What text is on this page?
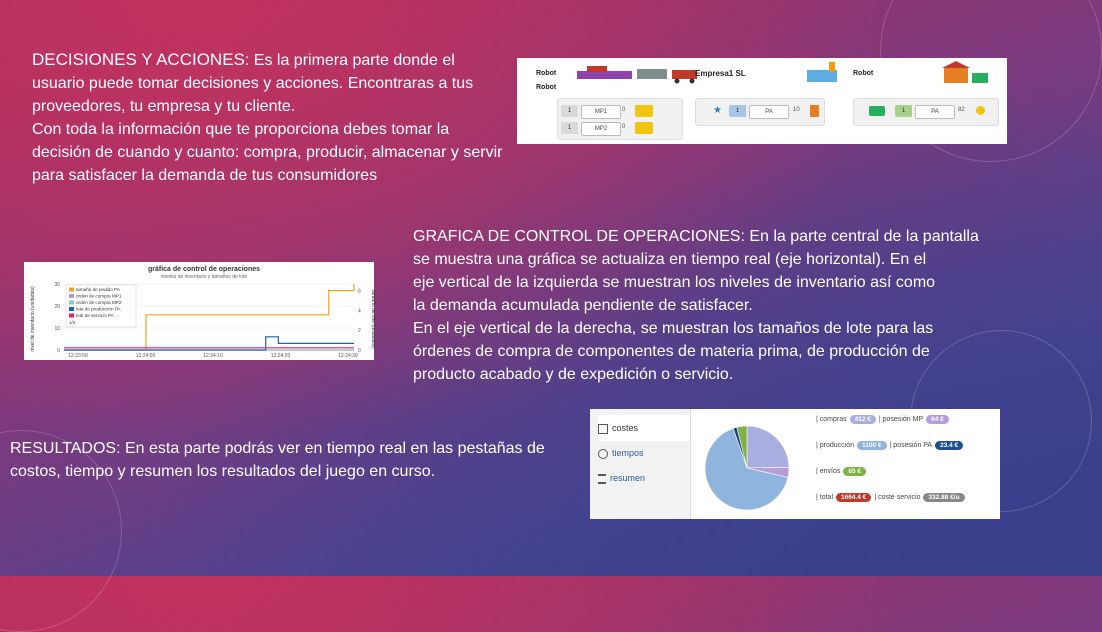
DECISIONES Y ACCIONES: Es la primera parte donde el
usuario puede tomar decisiones y acciones. Encontraras a tus
proveedores, tu empresa y tu cliente.
Con toda la información que te proporciona debes tomar la
decisión de cuando y cuanto: compra, producir, almacenar y servir
para satisfacer la demanda de tus consumidores
Robot
Robot
1	MP1	0
1	MP2	0
Empresa1 SL
★	1	PA	10
Robot
1	PA	82
gráfica de control de operaciones
niveles de inventario y tamaños de lote
nivel de inventario (unidades)	tamaño de lote (unidades)
0
10
20
30
0
2
4
6
12:23:50	12:24:00	12:24:10	12:24:20	12:24:30
tamaño de pedido PA
orden de compra MP1
orden de compra MP2
lote de producción PA
lote de servicio PA
1/2
GRAFICA DE CONTROL DE OPERACIONES: En la parte central de la pantalla
se muestra una gráfica se actualiza en tiempo real (eje horizontal). En el
eje vertical de la izquierda se muestran los niveles de inventario así como
la demanda acumulada pendiente de satisfacer.
En el eje vertical de la derecha, se muestran los tamaños de lote para las
órdenes de compra de componentes de materia prima, de producción de
producto acabado y de expedición o servicio.
RESULTADOS: En esta parte podrás ver en tiempo real en las pestañas de
costos, tiempo y resumen los resultados del juego en curso.
costes
tiempos
resumen
| compras 412 € | posesión MP 64 €
| producción 1100 € | posesión PA 23.4 €
| envíos 65 €
| total 1664.4 € | coste servicio 332.88 €/u
